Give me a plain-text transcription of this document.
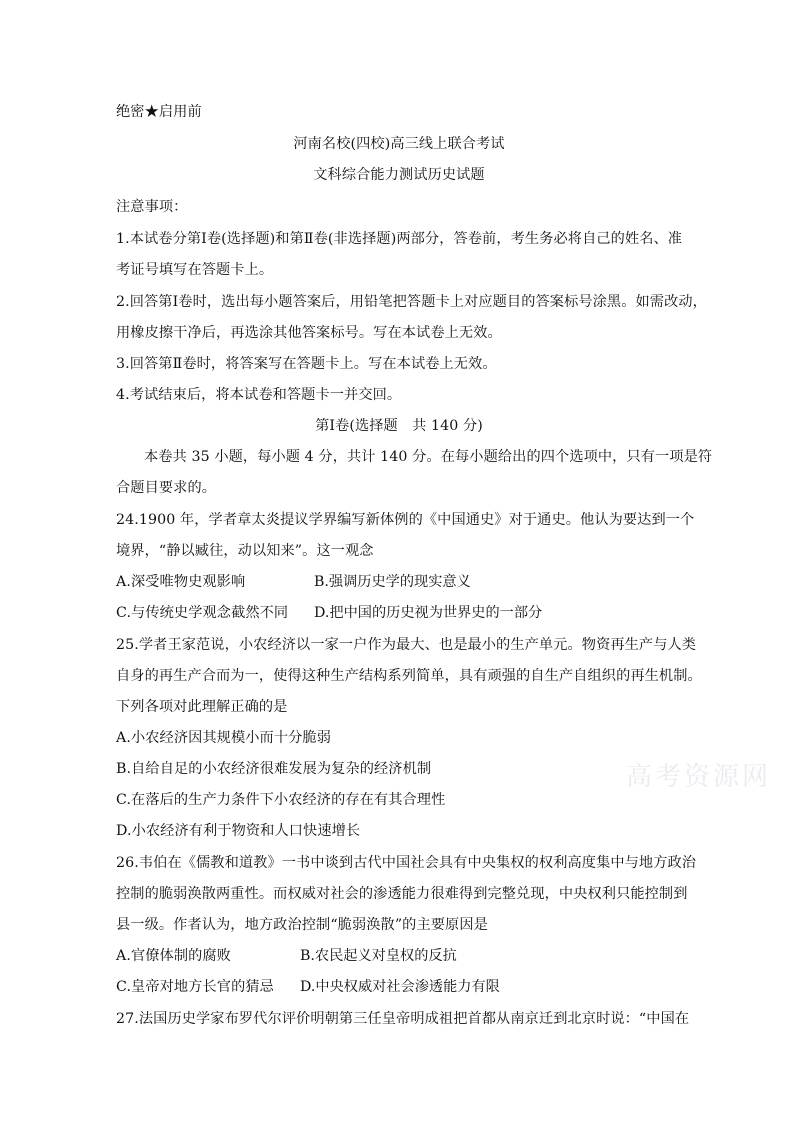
绝密★启用前
河南名校(四校)高三线上联合考试
文科综合能力测试历史试题
注意事项：
1.本试卷分第Ⅰ卷(选择题)和第Ⅱ卷(非选择题)两部分，答卷前，考生务必将自己的姓名、准
考证号填写在答题卡上。
2.回答第Ⅰ卷时，选出每小题答案后，用铅笔把答题卡上对应题目的答案标号涂黑。如需改动，
用橡皮擦干净后，再选涂其他答案标号。写在本试卷上无效。
3.回答第Ⅱ卷时，将答案写在答题卡上。写在本试卷上无效。
4.考试结束后，将本试卷和答题卡一并交回。
第Ⅰ卷(选择题　共 140 分)
本卷共 35 小题，每小题 4 分，共计 140 分。在每小题给出的四个选项中，只有一项是符
合题目要求的。
24.1900 年，学者章太炎提议学界编写新体例的《中国通史》对于通史。他认为要达到一个
境界，“静以臧往，动以知来”。这一观念
A.深受唯物史观影响	B.强调历史学的现实意义
C.与传统史学观念截然不同	D.把中国的历史视为世界史的一部分
25.学者王家范说，小农经济以一家一户作为最大、也是最小的生产单元。物资再生产与人类
自身的再生产合而为一，使得这种生产结构系列简单，具有顽强的自生产自组织的再生机制。
下列各项对此理解正确的是
A.小农经济因其规模小而十分脆弱
B.自给自足的小农经济很难发展为复杂的经济机制
C.在落后的生产力条件下小农经济的存在有其合理性
D.小农经济有利于物资和人口快速增长
26.韦伯在《儒教和道教》一书中谈到古代中国社会具有中央集权的权利高度集中与地方政治
控制的脆弱涣散两重性。而权威对社会的渗透能力很难得到完整兑现，中央权利只能控制到
县一级。作者认为，地方政治控制“脆弱涣散”的主要原因是
A.官僚体制的腐败	B.农民起义对皇权的反抗
C.皇帝对地方长官的猜忌	D.中央权威对社会渗透能力有限
27.法国历史学家布罗代尔评价明朝第三任皇帝明成祖把首都从南京迁到北京时说：“中国在
高考资源网
